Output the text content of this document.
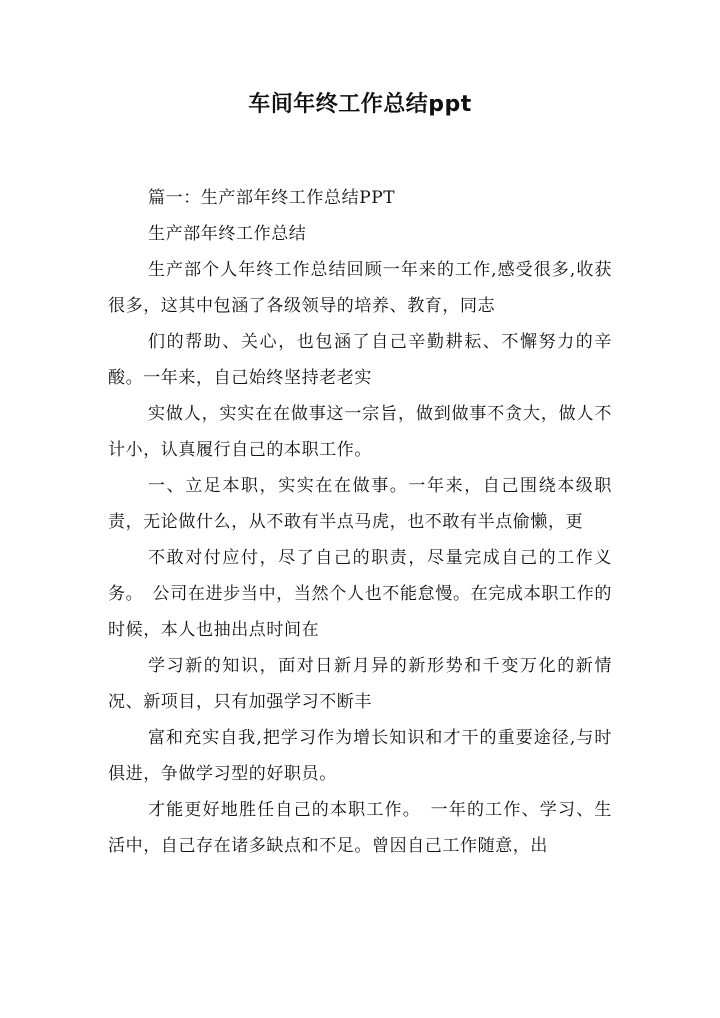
车间年终工作总结ppt

篇一：生产部年终工作总结PPT

生产部年终工作总结

生产部个人年终工作总结回顾一年来的工作,感受很多,收获很多，这其中包涵了各级领导的培养、教育，同志

们的帮助、关心，也包涵了自己辛勤耕耘、不懈努力的辛酸。一年来，自己始终坚持老老实

实做人，实实在在做事这一宗旨，做到做事不贪大，做人不计小，认真履行自己的本职工作。

一、立足本职，实实在在做事。一年来，自己围绕本级职责，无论做什么，从不敢有半点马虎，也不敢有半点偷懒，更

不敢对付应付，尽了自己的职责，尽量完成自己的工作义务。　公司在进步当中，当然个人也不能怠慢。在完成本职工作的时候，本人也抽出点时间在

学习新的知识，面对日新月异的新形势和千变万化的新情况、新项目，只有加强学习不断丰

富和充实自我,把学习作为增长知识和才干的重要途径,与时俱进，争做学习型的好职员。

才能更好地胜任自己的本职工作。　一年的工作、学习、生活中，自己存在诸多缺点和不足。曾因自己工作随意，出
